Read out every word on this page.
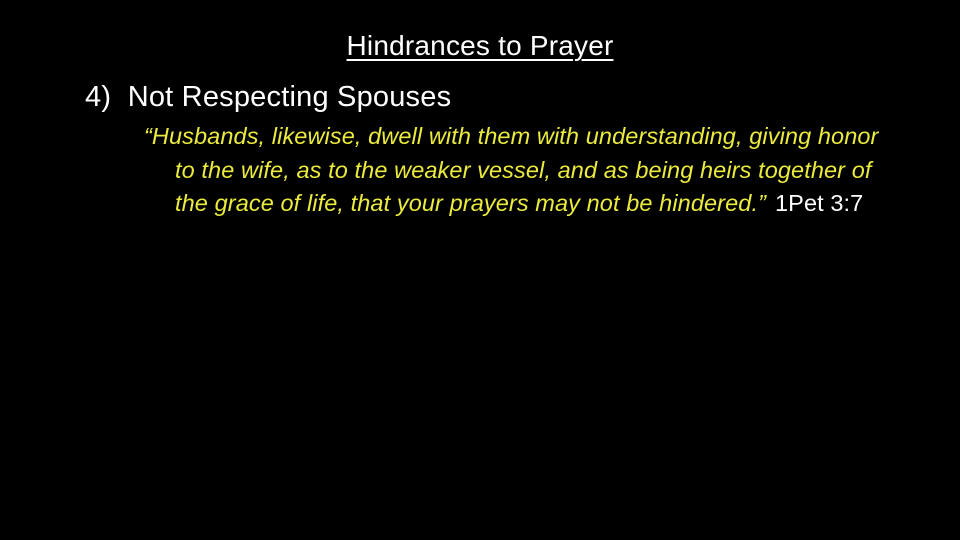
Hindrances to Prayer
4)  Not Respecting Spouses
“Husbands, likewise, dwell with them with understanding, giving honor
to the wife, as to the weaker vessel, and as being heirs together of
the grace of life, that your prayers may not be hindered.” 1Pet 3:7
